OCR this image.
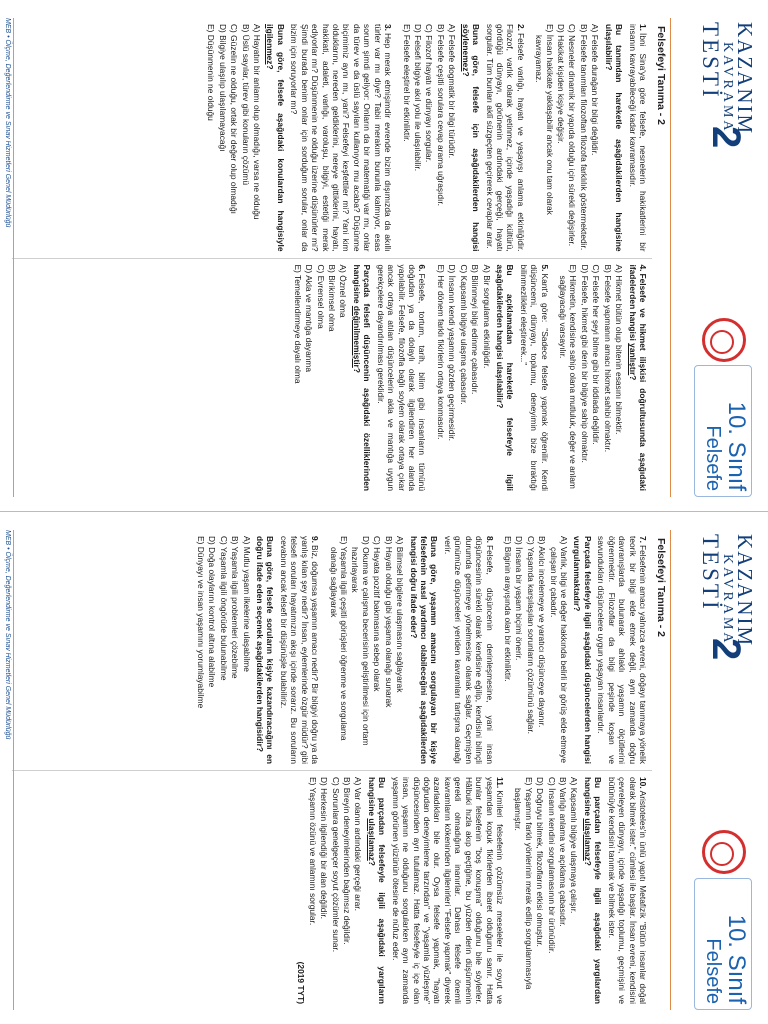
KAZANIM
KAVRAMA
TESTİ
2
10. Sınıf
Felsefe
Felsefeyi Tanıma - 2

1.İbni Sina'ya göre felsefe, nesnelerin hakikatlerini bir insanın kavrayabileceği kadar kavramasıdır.

Bu tanımdan hareketle aşağıdakilerden hangisine ulaşılabilir?

A) Felsefe durağan bir bilgi değildir.
B) Felsefe tanımları filozoftan filozofa farklılık göstermektedir.
C) Nesneler dinamik bir yapıda olduğu için sürekli değişirler.
D) Hakikat kişiden kişiye değişir.
E) İnsan hakikate yaklaşabilir ancak onu tam olarak kavrayamaz.

2.Felsefe varlığı, hayatı ve yaşayışı anlama etkinliğidir. Filozof, varlık olarak yetinmez, içinde yaşadığı kültürü, gördüğü dünyayı, görünenin ardındaki gerçeği, hayatı sorgular. Tüm bunları aklî süzgeçten geçirerek cevaplar arar.

Buna göre, felsefe için aşağıdakilerden hangisi söylenemez?

A) Felsefe dogmatik bir bilgi türüdür.
B) Felsefe çeşitli sorulara cevap arama uğraşıdır.
C) Filozof hayatı ve dünyayı sorgular.
D) Felsefi bilgiye akıl yolu ile ulaşılabilir.
E) Felsefe eleştirel bir etkinliktir.

3.Hep merak etmişimdir evrende bizim dışımızda da akıllı türler var mı diye? Tabii merakım bununla kalmıyor, esas sorum şimdi geliyor: Onların da bir matematiği var mı, onlar da türev ve da üslü sayıları kullanıyor mu acaba? Düşünme biçimimiz aynı mı, yani? Felsefeyi keşfettiler mi? Yani kim olduklarını, nereden geldiklerini, nereye gittiklerini, hayatı, hakikati, adaleti, varlığı, varoluşu, bilgiyi, estetiği merak ediyorlar mı? Düşünmenin ne olduğu üzerine düşünürler mi? Şimdi burada benim onlar için sorduğum sorular, onlar da bizim için soruyorlar mı?

Buna göre, felsefe aşağıdaki konulardan hangisiyle ilgilenmez?

A) Hayatın bir anlamı olup olmadığı, varsa ne olduğu
B) Üslü sayılar, türev gibi konuların çözümü
C) Güzelin ne olduğu, ortak bir değer olup olmadığı
D) Bilgiye ulaşılıp ulaşılamayacağı
E) Düşünmenin ne olduğu

4.Felsefe ve hikmet ilişkisi doğrultusunda aşağıdaki ifadelerden hangisi yanlıştır?

A) Hikmet bütün olup bitenin esasını bilmektir.
B) Felsefe yapmanın amacı hikmet sahibi olmaktır.
C) Felsefe her şeyi bilme gibi bir iddiada değildir.
D) Felsefe, hikmet gibi derin bir bilgiye sahip olmaktır.
E) Hikmetin, kendisine sahip olana mutluluk, değer ve anlam sağlayacağı varsayılır.

5.Kant'a göre: "Sadece felsefe yapmak öğrenilir. Kendi düşüncemi, dünyayı, toplumu, deneyimin bize bıraktığı bilinmezlikleri eleştirerek..."

Bu açıklamadan hareketle felsefeyle ilgili aşağıdakilerden hangisi ulaşılabilir?

A) Bir sorgulama etkinliğidir.
B) Bilinmeyi bilgi edinme çabasıdır.
C) Kapsamlı bilgiye ulaşma çabasıdır.
D) İnsanın kendi yaşamını gözden geçirmesidir.
E) Her dönem farklı fikirlerin ortaya konmasıdır.

6.Felsefe, tortum, tarih, bilim gibi insanların tümünü doğudan ya da dolaylı olarak ilgilendiren her alanda yapılabilir. Felsefe, filozofla bağlı soylem olarak ortaya çıkar ancak ortaya atılan düşüncelerin akla ve mantığa uygun gerekçelere dayandırılması gereklidir.

Parçada felsefi düşüncenin aşağıdaki özelliklerinden hangisine değinilmemiştir?

A) Öznel olma
B) Birikimsel olma
C) Evrensel olma
D) Akla ve mantığa dayanma
E) Temellendirmeye dayalı olma
MEB • Ölçme, Değerlendirme ve Sınav Hizmetleri Genel Müdürlüğü
KAZANIM
KAVRAMA
TESTİ
2
10. Sınıf
Felsefe
Felsefeyi Tanıma - 2

7.Felsefenin amacı yalnızca evreni, doğayı tanımaya yönelik teorik bir bilgi elde etmek değil, aynı zamanda doğru davranışlarda bulunarak ahlaklı yaşamın ölçütlerini öğrenmektir. Filozoflar da bilgi peşinde koşan ve savundukları düşüncelere uygun yaşayan insanlardır.

Parçada felsefeyle ilgili aşağıdaki düşüncelerden hangisi vurgulanmaktadır?

A) Varlık, bilgi ve değer hakkında belirli bir görüş elde etmeye çalışan bir çabadır.
B) Akılcı incelemeye ve yaratıcı düşünceye dayanır.
C) Yaşamda karşılaşılan sorunların çözümünü sağlar.
D) İnsana bir yaşam biçimi önerir.
E) Bilginin arayışında olan bir etkinliktir.

8.Felsefe, düşüncenin derinleşmesine, yani insan düşüncesinin sürekli olarak kendisine eğilip, kendisini bilinçli durumda getirmeye yönelmesine olanak sağlar. Geçmişten günümüze düşünceleri yeniden kavramları tartışma olanağı verir.

Buna göre, yaşamın amacını sorgulayan bir kişiye felsefenin nasıl yardımcı olabileceğini aşağıdakilerden hangisi doğru ifade eder?

A) Bilimsel bilgilere ulaşmasını sağlayarak
B) Hayatı olduğu gibi yaşama olanağı sunarak
C) Hayata pozitif bakmasına sebep olarak
D) Okuma ve çalışma becerisinin geliştirilmesi için ortam hazırlayarak
E) Yaşamla ilgili çeşitli görüşleri öğrenme ve sorgulama olanağı sağlayarak

9.Biz, doğumsa yaşamın amacı nedir? Bir bilgiyi doğru ya da yanlış kılan şey nedir? İnsan, eylemlerinde özgür müdür? gibi felsefi soruları hayatımızın akışı içinde sorarız. Bu soruların cevabını ancak felsefi bir düşünüşle bulabiliriz.

Buna göre, felsefe soruların kişiye kazandıracağını en doğru ifade eden seçenek aşağıdakilerden hangisidir?

A) Mutlu yaşam ilkelerine ulaşabilme
B) Yaşamla ilgili problemleri çözebilme
C) Yaşamla ilgili öngörüde bulunabilme
D) Doğa olaylarını kontrol altına alabilme
E) Dünyayı ve insan yaşamını yorumlayabilme

10.Aristoteles'in ünlü yapıtı Metafizik "Bütün insanlar doğal olarak bilmek ister." cümlesi ile başlar. İnsan evreni, kendisini çevreleyen dünyayı, içinde yaşadığı toplumu, geçmişini ve bütünüyle kendisini tanımak ve bilmek ister.

Bu parçadan felsefeyle ilgili aşağıdaki yargılardan hangisine ulaşılamaz?

A) Kapsamlı bilgiye ulaşmaya çalışır.
B) Varlığı anlama ve açıklama çabasıdır.
C) İnsanın kendini sorgulamasının bir ürünüdür.
D) Doğruyu bilmek, filozofların etkisi olmuştur.
E) Yaşamın farklı yönlerinin merak edilip sorgulanmasıyla başlamıştır.

11.Kimileri felsefenin çözümsüz meseleler ile soyut ve yaşamdan kopuk fikirlerden ibaret olduğunu sanır. Hatta bunlar felsefenin "boş konuşma" olduğunu bile söylerler. Hâlbuki hızla akıp geçtiğine, bu yüzden derin düşünmenin gerekli olmadığına inanırlar. Dahası felsefe önemli kavramların kökeninden ilgilenirleri "Felsefe yapmak" diyerek azarladıkları bile olur. Oysa felsefe yapmak, "hayatı doğrudan deneyimleme tarzından" ve "yaşamla yüzleşme" düşüncesinden ayrı tutulamaz. Hatta felsefeyle iç içe olan insan, yaşamın ne olduğunu sorgularken aynı zamanda yaşamın görünen yüzünün ötesine de nüfuz eder.

Bu parçadan felsefeyle ilgili aşağıdaki yargıların hangisine ulaşılamaz?

A) Var olanın ardındaki gerçeği arar.
B) Bireyin deneyimlerinden bağımsız değildir.
C) Sorunlara genelgeçer soyut çözümler sunar.
D) Herkesin ilgilendiği bir alan değildir.
E) Yaşamın özünü ve anlamını sorgular.
(2019 TYT)
MEB • Ölçme, Değerlendirme ve Sınav Hizmetleri Genel Müdürlüğü
